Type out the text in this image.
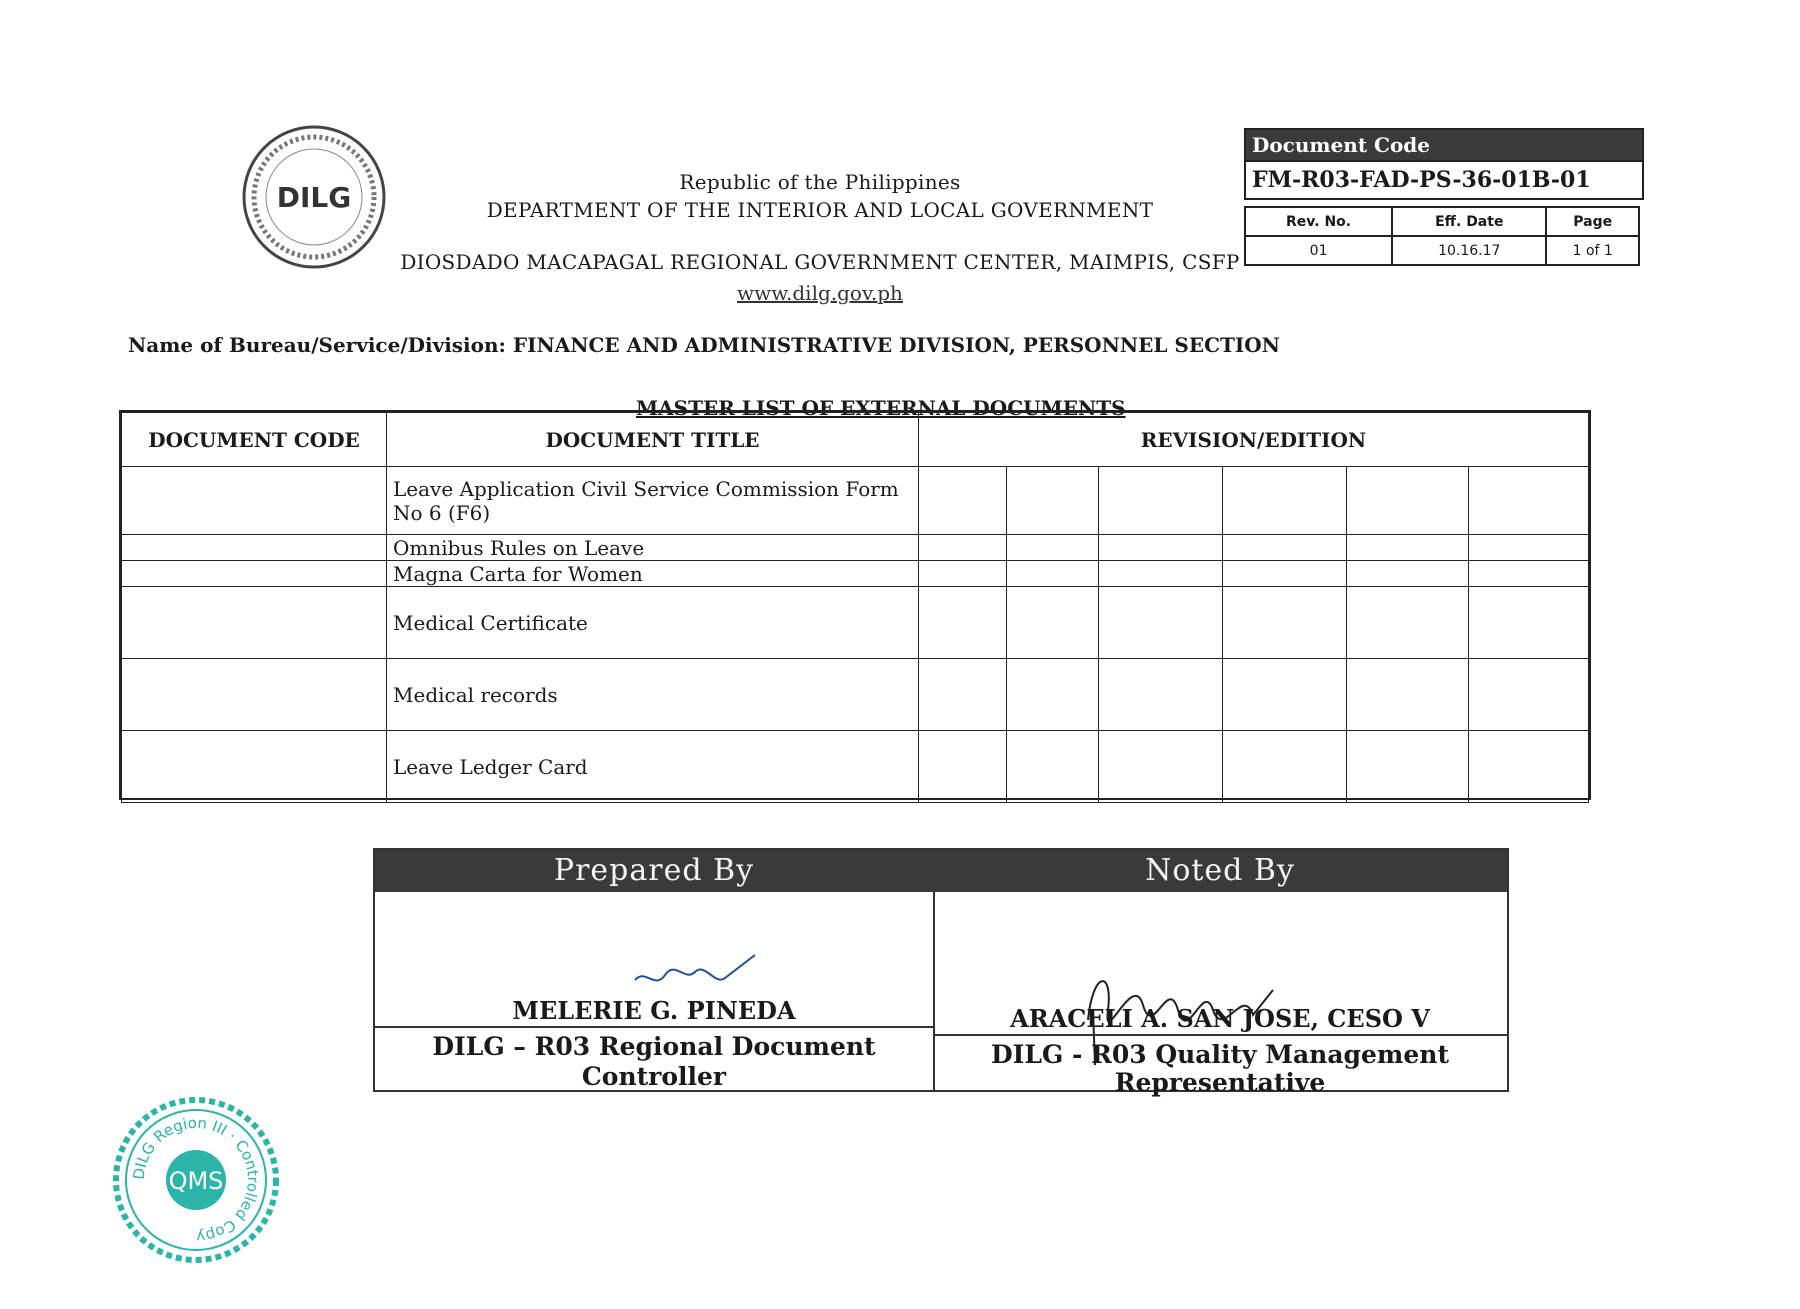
DILG	Republic of the Philippines
DEPARTMENT OF THE INTERIOR AND LOCAL GOVERNMENT
DIOSDADO MACAPAGAL REGIONAL GOVERNMENT CENTER, MAIMPIS, CSFP
www.dilg.gov.ph
Document Code
FM-R03-FAD-PS-36-01B-01
Rev. No.	Eff. Date	Page
01	10.16.17	1 of 1
Name of Bureau/Service/Division: FINANCE AND ADMINISTRATIVE DIVISION, PERSONNEL SECTION
MASTER LIST OF EXTERNAL DOCUMENTS
DOCUMENT CODE	DOCUMENT TITLE	REVISION/EDITION					
	Leave Application Civil Service Commission Form No 6 (F6)						
	Omnibus Rules on Leave						
	Magna Carta for Women						
	Medical Certificate						
	Medical records						
	Leave Ledger Card						
Prepared By
MELERIE G. PINEDA
DILG – R03 Regional Document
Controller
Noted By
ARACELI A. SAN JOSE, CESO V
DILG - R03 Quality Management
Representative
QMS
DILG Region III · Controlled Copy
